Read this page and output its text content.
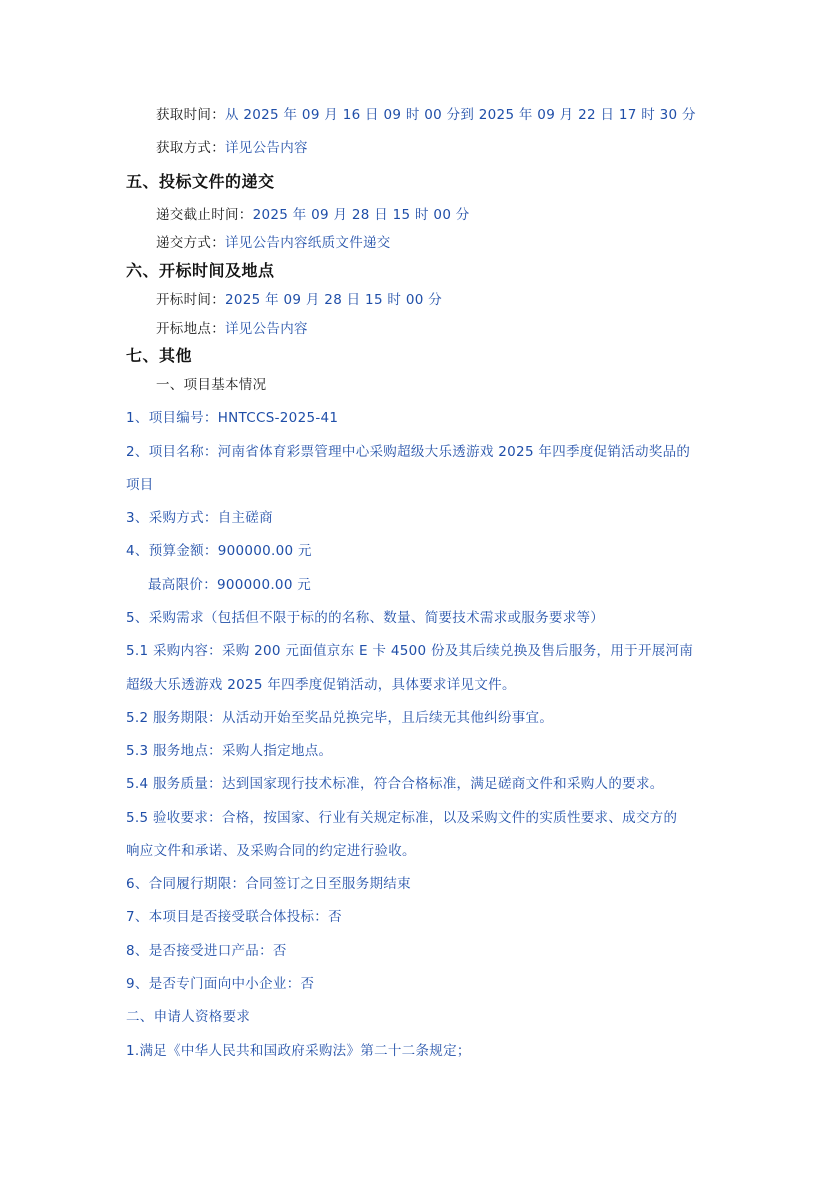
获取时间：从 2025 年 09 月 16 日 09 时 00 分到 2025 年 09 月 22 日 17 时 30 分
获取方式：详见公告内容
五、投标文件的递交
递交截止时间：2025 年 09 月 28 日 15 时 00 分
递交方式：详见公告内容纸质文件递交
六、开标时间及地点
开标时间：2025 年 09 月 28 日 15 时 00 分
开标地点：详见公告内容
七、其他
一、项目基本情况
1、项目编号：HNTCCS-2025-41
2、项目名称：河南省体育彩票管理中心采购超级大乐透游戏 2025 年四季度促销活动奖品的
项目
3、采购方式：自主磋商
4、预算金额：900000.00 元
最高限价：900000.00 元
5、采购需求（包括但不限于标的的名称、数量、简要技术需求或服务要求等）
5.1 采购内容：采购 200 元面值京东 E 卡 4500 份及其后续兑换及售后服务，用于开展河南
超级大乐透游戏 2025 年四季度促销活动，具体要求详见文件。
5.2 服务期限：从活动开始至奖品兑换完毕，且后续无其他纠纷事宜。
5.3 服务地点：采购人指定地点。
5.4 服务质量：达到国家现行技术标准，符合合格标准，满足磋商文件和采购人的要求。
5.5 验收要求：合格，按国家、行业有关规定标准，以及采购文件的实质性要求、成交方的
响应文件和承诺、及采购合同的约定进行验收。
6、合同履行期限：合同签订之日至服务期结束
7、本项目是否接受联合体投标：否
8、是否接受进口产品：否
9、是否专门面向中小企业：否
二、申请人资格要求
1.满足《中华人民共和国政府采购法》第二十二条规定；
